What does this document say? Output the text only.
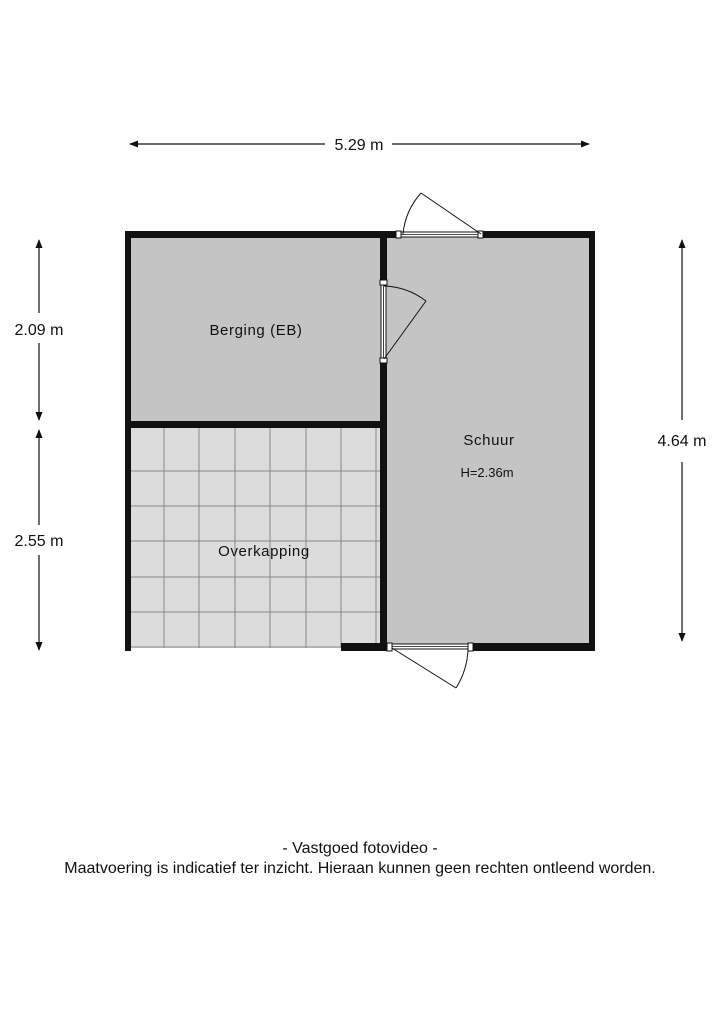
5.29 m
4.64 m
2.09 m
2.55 m
Berging (EB)
Schuur
H=2.36m
Overkapping
- Vastgoed fotovideo -
Maatvoering is indicatief ter inzicht. Hieraan kunnen geen rechten ontleend worden.
